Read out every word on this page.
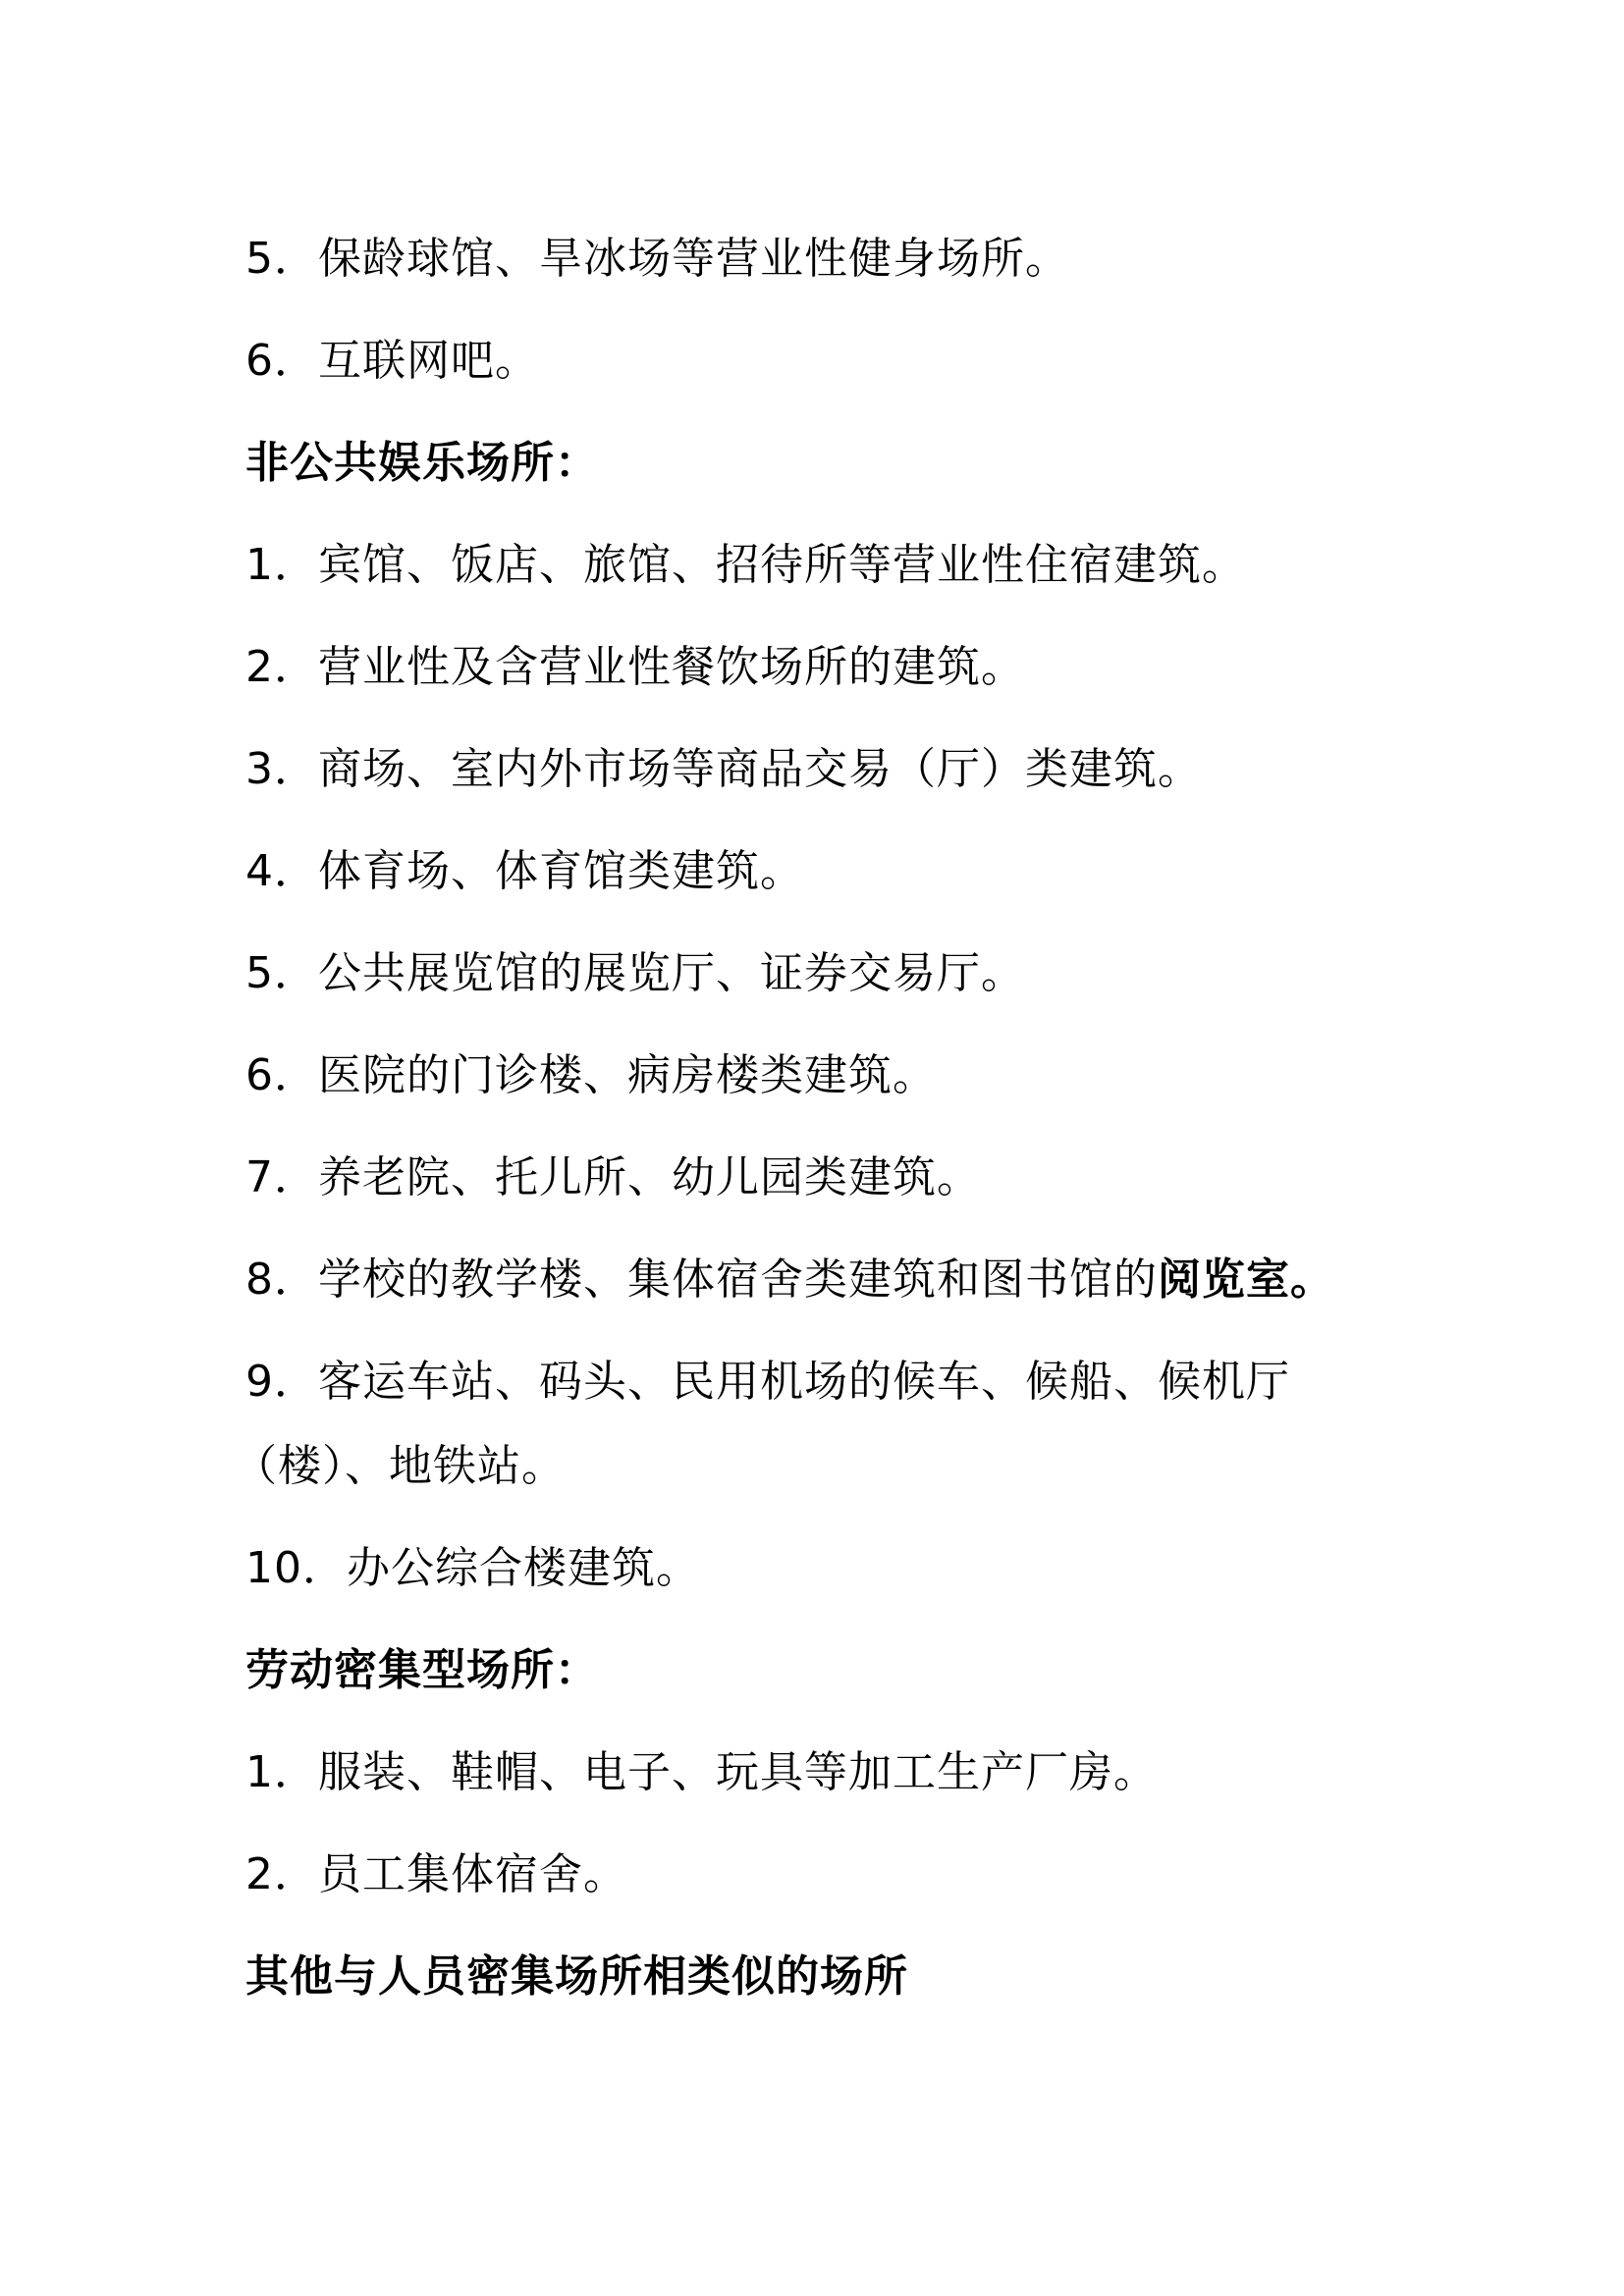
5．保龄球馆、旱冰场等营业性健身场所。
6．互联网吧。
非公共娱乐场所：
1．宾馆、饭店、旅馆、招待所等营业性住宿建筑。
2．营业性及含营业性餐饮场所的建筑。
3．商场、室内外市场等商品交易（厅）类建筑。
4．体育场、体育馆类建筑。
5．公共展览馆的展览厅、证券交易厅。
6．医院的门诊楼、病房楼类建筑。
7．养老院、托儿所、幼儿园类建筑。
8．学校的教学楼、集体宿舍类建筑和图书馆的阅览室。
9．客运车站、码头、民用机场的候车、候船、候机厅
（楼）、地铁站。
10．办公综合楼建筑。
劳动密集型场所：
1．服装、鞋帽、电子、玩具等加工生产厂房。
2．员工集体宿舍。
其他与人员密集场所相类似的场所
